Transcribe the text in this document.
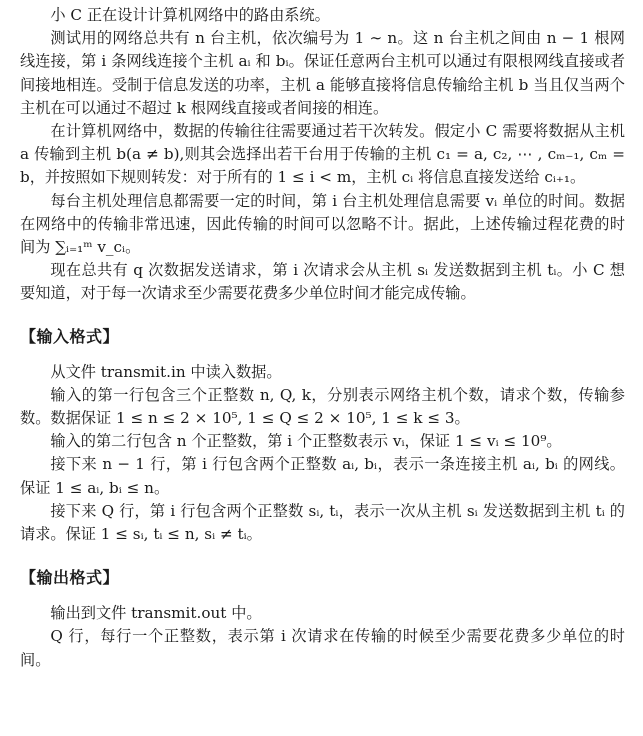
小 C 正在设计计算机网络中的路由系统。

测试用的网络总共有 n 台主机，依次编号为 1 ∼ n。这 n 台主机之间由 n − 1 根网线连接，第 i 条网线连接个主机 aᵢ 和 bᵢ。保证任意两台主机可以通过有限根网线直接或者间接地相连。受制于信息发送的功率，主机 a 能够直接将信息传输给主机 b 当且仅当两个主机在可以通过不超过 k 根网线直接或者间接的相连。

在计算机网络中，数据的传输往往需要通过若干次转发。假定小 C 需要将数据从主机 a 传输到主机 b(a ≠ b),则其会选择出若干台用于传输的主机 c₁ = a, c₂, ⋯ , cₘ₋₁, cₘ = b，并按照如下规则转发：对于所有的 1 ≤ i < m，主机 cᵢ 将信息直接发送给 cᵢ₊₁。

每台主机处理信息都需要一定的时间，第 i 台主机处理信息需要 vᵢ 单位的时间。数据在网络中的传输非常迅速，因此传输的时间可以忽略不计。据此，上述传输过程花费的时间为 ∑ᵢ₌₁ᵐ v_cᵢ。

现在总共有 q 次数据发送请求，第 i 次请求会从主机 sᵢ 发送数据到主机 tᵢ。小 C 想要知道，对于每一次请求至少需要花费多少单位时间才能完成传输。

【输入格式】

从文件 transmit.in 中读入数据。

输入的第一行包含三个正整数 n, Q, k，分别表示网络主机个数，请求个数，传输参数。数据保证 1 ≤ n ≤ 2 × 10⁵, 1 ≤ Q ≤ 2 × 10⁵, 1 ≤ k ≤ 3。

输入的第二行包含 n 个正整数，第 i 个正整数表示 vᵢ，保证 1 ≤ vᵢ ≤ 10⁹。

接下来 n − 1 行，第 i 行包含两个正整数 aᵢ, bᵢ，表示一条连接主机 aᵢ, bᵢ 的网线。保证 1 ≤ aᵢ, bᵢ ≤ n。

接下来 Q 行，第 i 行包含两个正整数 sᵢ, tᵢ，表示一次从主机 sᵢ 发送数据到主机 tᵢ 的请求。保证 1 ≤ sᵢ, tᵢ ≤ n, sᵢ ≠ tᵢ。

【输出格式】

输出到文件 transmit.out 中。

Q 行，每行一个正整数，表示第 i 次请求在传输的时候至少需要花费多少单位的时间。
